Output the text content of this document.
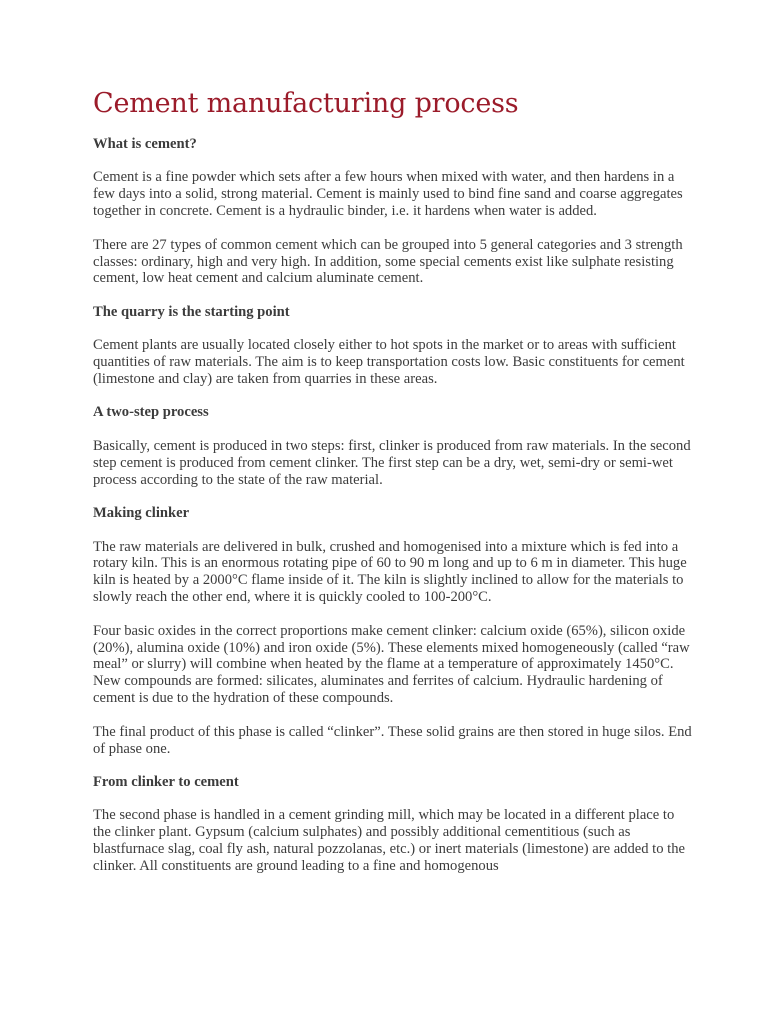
Cement manufacturing process
What is cement?
Cement is a fine powder which sets after a few hours when mixed with water, and then hardens in a few days into a solid, strong material. Cement is mainly used to bind fine sand and coarse aggregates together in concrete. Cement is a hydraulic binder, i.e. it hardens when water is added.
There are 27 types of common cement which can be grouped into 5 general categories and 3 strength classes: ordinary, high and very high. In addition, some special cements exist like sulphate resisting cement, low heat cement and calcium aluminate cement.
The quarry is the starting point
Cement plants are usually located closely either to hot spots in the market or to areas with sufficient quantities of raw materials. The aim is to keep transportation costs low. Basic constituents for cement (limestone and clay) are taken from quarries in these areas.
A two-step process
Basically, cement is produced in two steps: first, clinker is produced from raw materials. In the second step cement is produced from cement clinker. The first step can be a dry, wet, semi-dry or semi-wet process according to the state of the raw material.
Making clinker
The raw materials are delivered in bulk, crushed and homogenised into a mixture which is fed into a rotary kiln. This is an enormous rotating pipe of 60 to 90 m long and up to 6 m in diameter. This huge kiln is heated by a 2000°C flame inside of it. The kiln is slightly inclined to allow for the materials to slowly reach the other end, where it is quickly cooled to 100-200°C.
Four basic oxides in the correct proportions make cement clinker: calcium oxide (65%), silicon oxide (20%), alumina oxide (10%) and iron oxide (5%). These elements mixed homogeneously (called “raw meal” or slurry) will combine when heated by the flame at a temperature of approximately 1450°C. New compounds are formed: silicates, aluminates and ferrites of calcium. Hydraulic hardening of cement is due to the hydration of these compounds.
The final product of this phase is called “clinker”. These solid grains are then stored in huge silos. End of phase one.
From clinker to cement
The second phase is handled in a cement grinding mill, which may be located in a different place to the clinker plant. Gypsum (calcium sulphates) and possibly additional cementitious (such as blastfurnace slag, coal fly ash, natural pozzolanas, etc.) or inert materials (limestone) are added to the clinker. All constituents are ground leading to a fine and homogenous
